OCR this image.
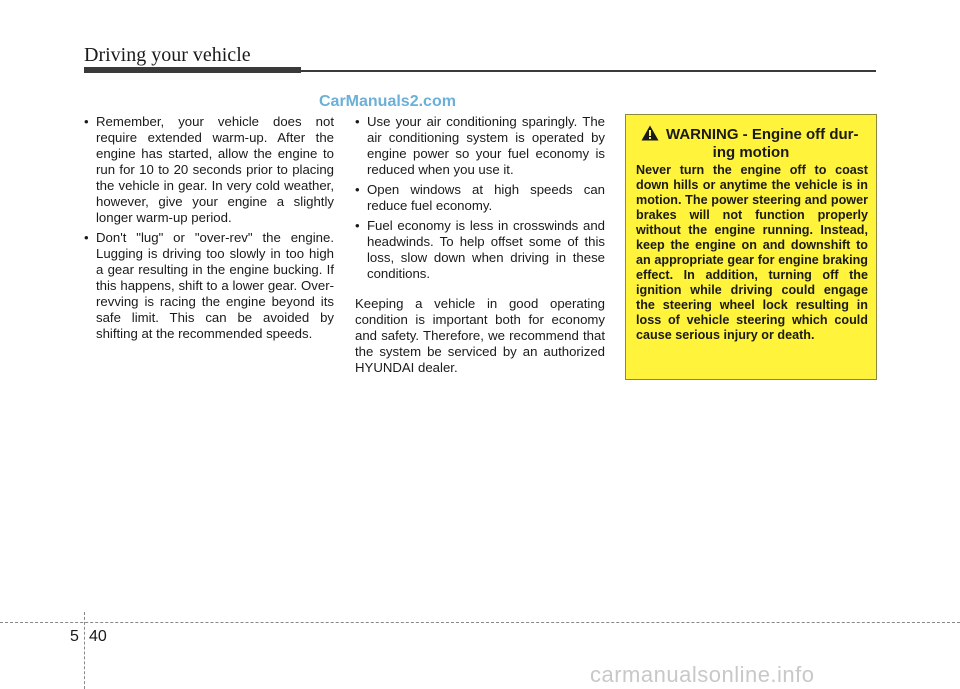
Driving your vehicle
CarManuals2.com
• Remember, your vehicle does not require extended warm-up. After the engine has started, allow the engine to run for 10 to 20 seconds prior to placing the vehicle in gear. In very cold weather, however, give your engine a slightly longer warm-up period.
• Don't "lug" or "over-rev" the engine. Lugging is driving too slowly in too high a gear resulting in the engine bucking. If this happens, shift to a lower gear. Over-revving is racing the engine beyond its safe limit. This can be avoided by shifting at the recommended speeds.
• Use your air conditioning sparingly. The air conditioning system is operated by engine power so your fuel economy is reduced when you use it.
• Open windows at high speeds can reduce fuel economy.
• Fuel economy is less in crosswinds and headwinds. To help offset some of this loss, slow down when driving in these conditions.
Keeping a vehicle in good operating condition is important both for economy and safety. Therefore, we recommend that the system be serviced by an authorized HYUNDAI dealer.
WARNING - Engine off dur-
ing motion
Never turn the engine off to coast down hills or anytime the vehicle is in motion. The power steering and power brakes will not function properly without the engine running. Instead, keep the engine on and downshift to an appropriate gear for engine braking effect. In addition, turning off the ignition while driving could engage the steering wheel lock resulting in loss of vehicle steering which could cause serious injury or death.
5 40
carmanualsonline.info
